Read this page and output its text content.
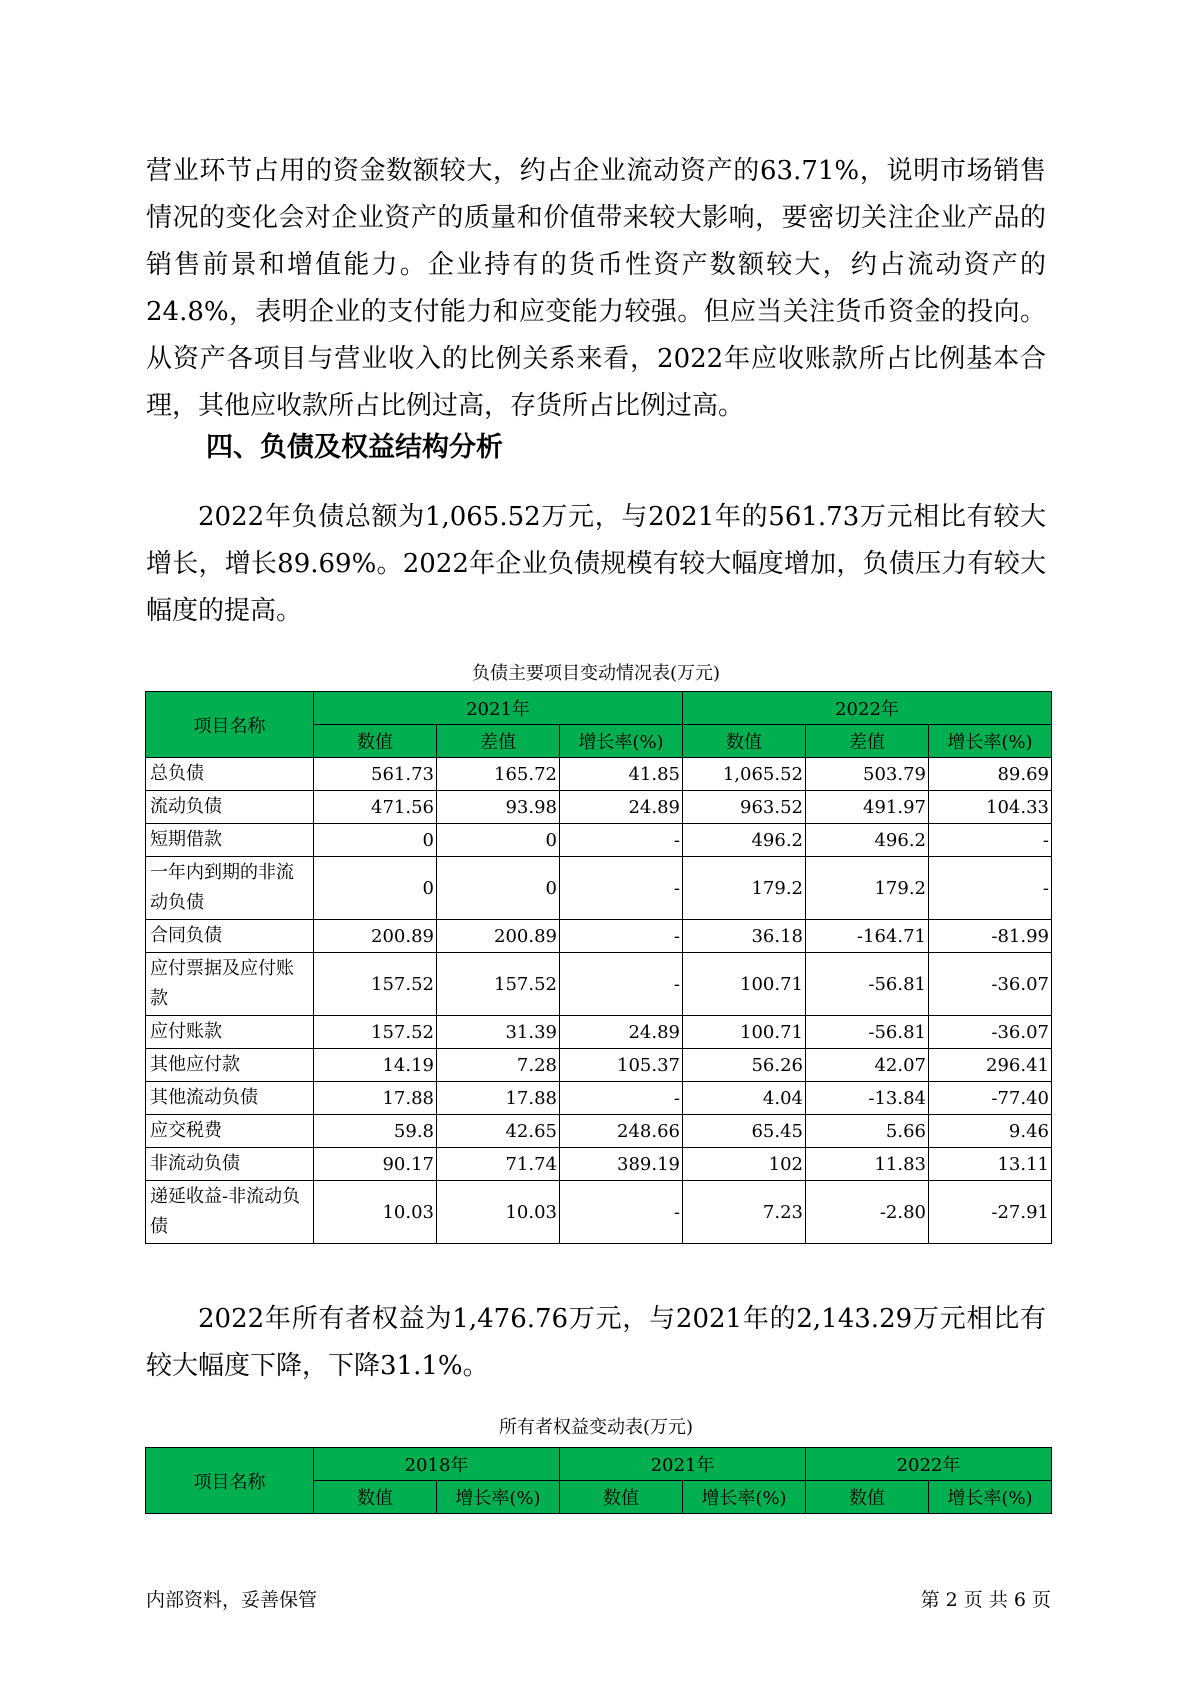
营业环节占用的资金数额较大，约占企业流动资产的63.71%，说明市场销售情况的变化会对企业资产的质量和价值带来较大影响，要密切关注企业产品的销售前景和增值能力。企业持有的货币性资产数额较大，约占流动资产的24.8%，表明企业的支付能力和应变能力较强。但应当关注货币资金的投向。从资产各项目与营业收入的比例关系来看，2022年应收账款所占比例基本合理，其他应收款所占比例过高，存货所占比例过高。

四、负债及权益结构分析

2022年负债总额为1,065.52万元，与2021年的561.73万元相比有较大增长，增长89.69%。2022年企业负债规模有较大幅度增加，负债压力有较大幅度的提高。

负债主要项目变动情况表(万元)

项目名称	2021年			2022年		
	数值	差值	增长率(%)	数值	差值	增长率(%)
总负债	561.73	165.72	41.85	1,065.52	503.79	89.69
流动负债	471.56	93.98	24.89	963.52	491.97	104.33
短期借款	0	0	-	496.2	496.2	-
一年内到期的非流动负债	0	0	-	179.2	179.2	-
合同负债	200.89	200.89	-	36.18	-164.71	-81.99
应付票据及应付账款	157.52	157.52	-	100.71	-56.81	-36.07
应付账款	157.52	31.39	24.89	100.71	-56.81	-36.07
其他应付款	14.19	7.28	105.37	56.26	42.07	296.41
其他流动负债	17.88	17.88	-	4.04	-13.84	-77.40
应交税费	59.8	42.65	248.66	65.45	5.66	9.46
非流动负债	90.17	71.74	389.19	102	11.83	13.11
递延收益-非流动负债	10.03	10.03	-	7.23	-2.80	-27.91

2022年所有者权益为1,476.76万元，与2021年的2,143.29万元相比有较大幅度下降，下降31.1%。

所有者权益变动表(万元)

项目名称	2018年		2021年		2022年	
	数值	增长率(%)	数值	增长率(%)	数值	增长率(%)

内部资料，妥善保管	第 2 页 共 6 页
